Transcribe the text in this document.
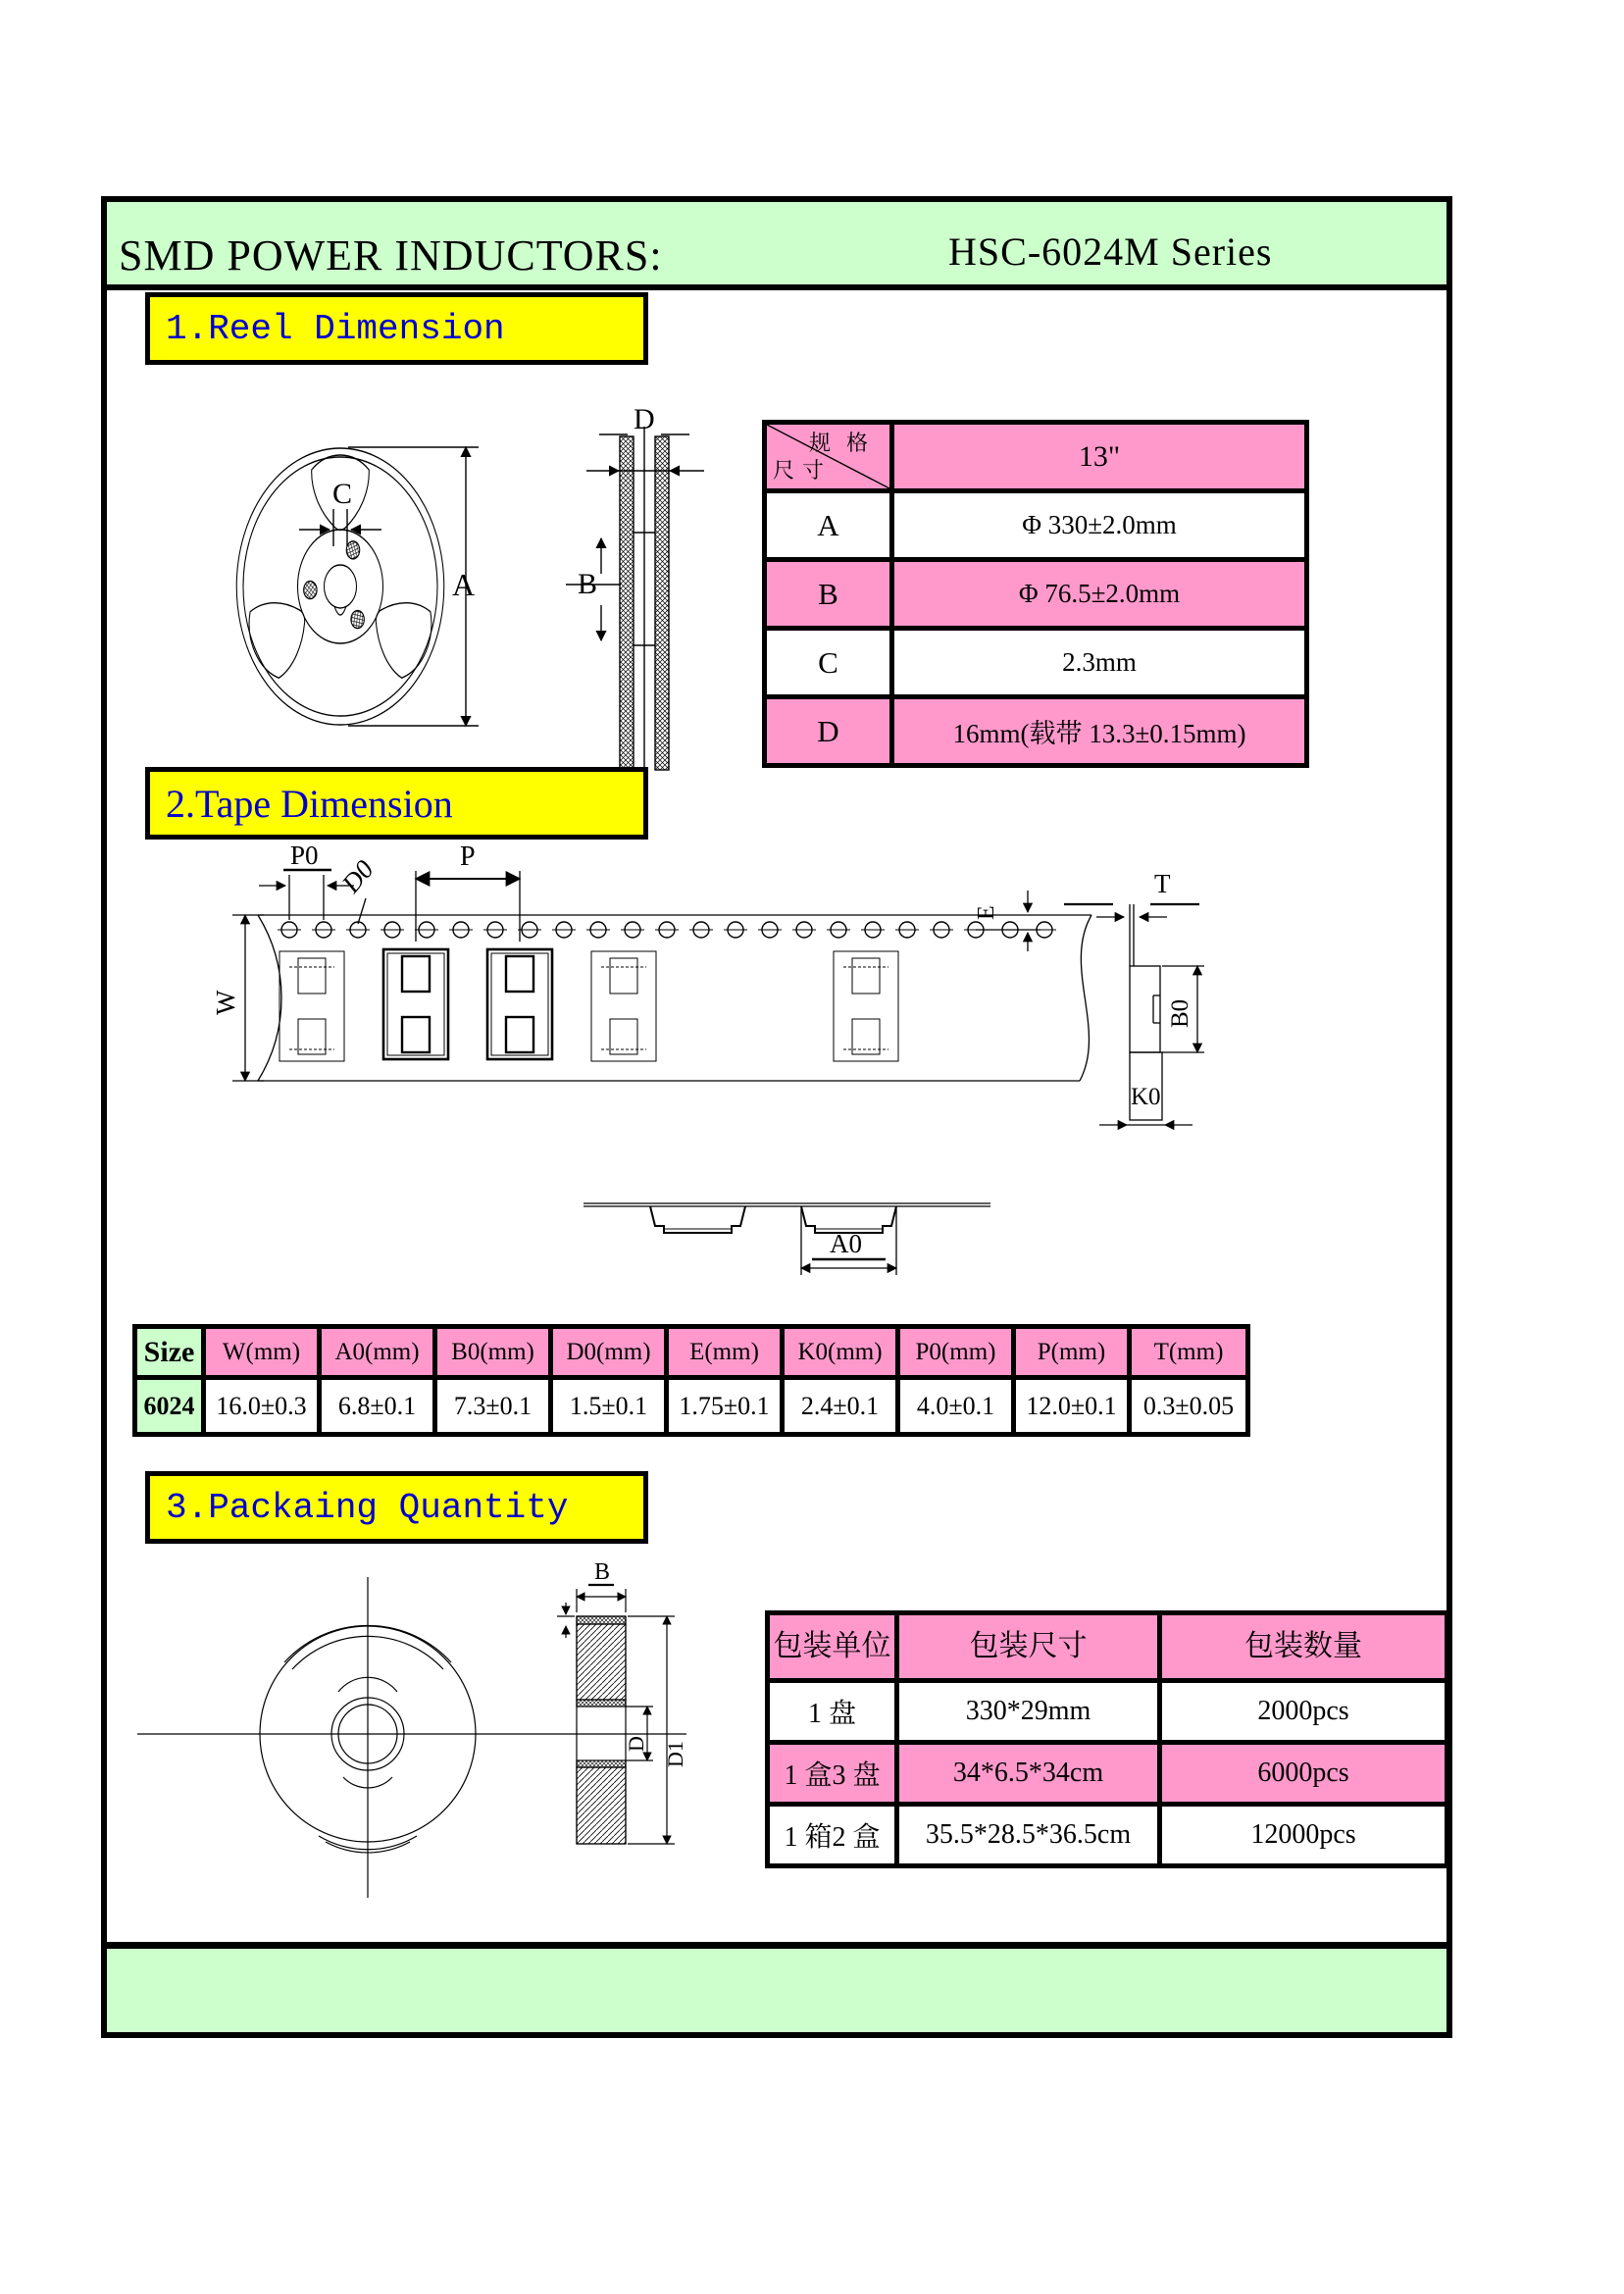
SMD POWER INDUCTORS:	HSC-6024M Series
1.Reel Dimension
C
A	B
D
规格
尺寸	13"
A	Φ 330±2.0mm
B	Φ 76.5±2.0mm
C	2.3mm
D	16mm(载带 13.3±0.15mm)
2.Tape Dimension
P0 D0	P
W
E
T
B0
K0
A0
Size	W(mm)	A0(mm)	B0(mm)	D0(mm)	E(mm)	K0(mm)	P0(mm)	P(mm)	T(mm)
6024	16.0±0.3	6.8±0.1	7.3±0.1	1.5±0.1	1.75±0.1	2.4±0.1	4.0±0.1	12.0±0.1	0.3±0.05
3.Packaing Quantity
B
D D1
包装单位	包装尺寸	包装数量
1 盘	330*29mm	2000pcs
1 盒3 盘	34*6.5*34cm	6000pcs
1 箱2 盒	35.5*28.5*36.5cm	12000pcs
